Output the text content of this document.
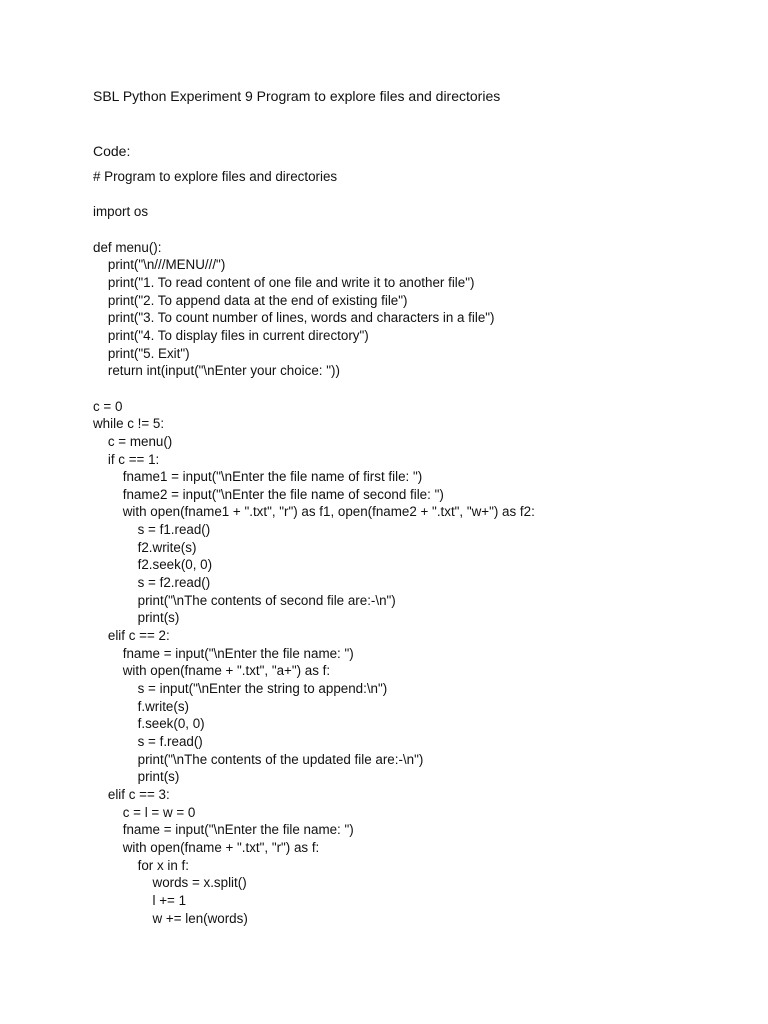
SBL Python Experiment 9 Program to explore files and directories
Code:
# Program to explore files and directories
import os
def menu():
print("\n///MENU///")
print("1. To read content of one file and write it to another file")
print("2. To append data at the end of existing file")
print("3. To count number of lines, words and characters in a file")
print("4. To display files in current directory")
print("5. Exit")
return int(input("\nEnter your choice: "))
c = 0
while c != 5:
c = menu()
if c == 1:
fname1 = input("\nEnter the file name of first file: ")
fname2 = input("\nEnter the file name of second file: ")
with open(fname1 + ".txt", "r") as f1, open(fname2 + ".txt", "w+") as f2:
s = f1.read()
f2.write(s)
f2.seek(0, 0)
s = f2.read()
print("\nThe contents of second file are:-\n")
print(s)
elif c == 2:
fname = input("\nEnter the file name: ")
with open(fname + ".txt", "a+") as f:
s = input("\nEnter the string to append:\n")
f.write(s)
f.seek(0, 0)
s = f.read()
print("\nThe contents of the updated file are:-\n")
print(s)
elif c == 3:
c = l = w = 0
fname = input("\nEnter the file name: ")
with open(fname + ".txt", "r") as f:
for x in f:
words = x.split()
l += 1
w += len(words)
